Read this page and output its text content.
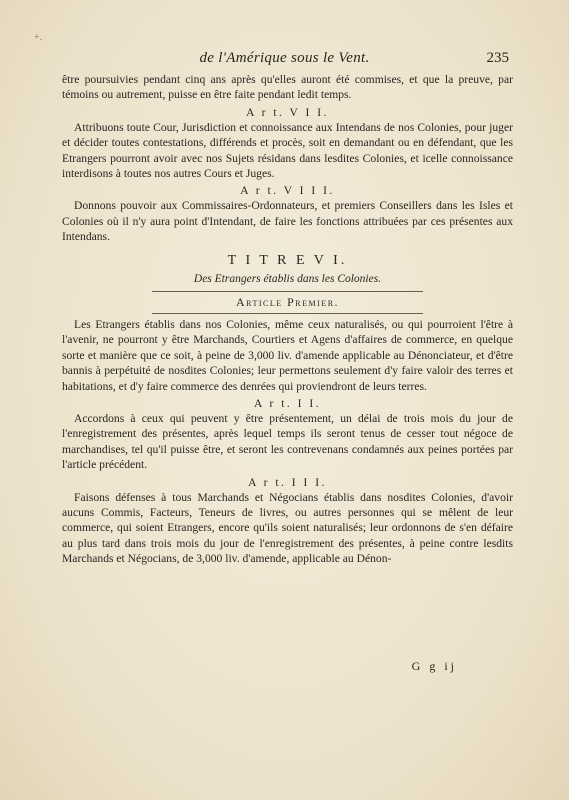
+.
de l'Amérique sous le Vent.	235

être poursuivies pendant cinq ans après qu'elles auront été commises, et que la preuve, par témoins ou autrement, puisse en être faite pendant ledit temps.

A r t. V I I.

Attribuons toute Cour, Jurisdiction et connoissance aux Intendans de nos Colonies, pour juger et décider toutes contestations, différends et procès, soit en demandant ou en défendant, que les Etrangers pourront avoir avec nos Sujets résidans dans lesdites Colonies, et icelle connoissance interdisons à toutes nos autres Cours et Juges.

A r t. V I I I.

Donnons pouvoir aux Commissaires-Ordonnateurs, et premiers Conseillers dans les Isles et Colonies où il n'y aura point d'Intendant, de faire les fonctions attribuées par ces présentes aux Intendans.

T I T R E V I.
Des Etrangers établis dans les Colonies.
Article Premier.

Les Etrangers établis dans nos Colonies, même ceux naturalisés, ou qui pourroient l'être à l'avenir, ne pourront y être Marchands, Courtiers et Agens d'affaires de commerce, en quelque sorte et manière que ce soit, à peine de 3,000 liv. d'amende applicable au Dénonciateur, et d'être bannis à perpétuité de nosdites Colonies; leur permettons seulement d'y faire valoir des terres et habitations, et d'y faire commerce des denrées qui proviendront de leurs terres.

A r t. I I.

Accordons à ceux qui peuvent y être présentement, un délai de trois mois du jour de l'enregistrement des présentes, après lequel temps ils seront tenus de cesser tout négoce de marchandises, tel qu'il puisse être, et seront les contrevenans condamnés aux peines portées par l'article précédent.

A r t. I I I.

Faisons défenses à tous Marchands et Négocians établis dans nosdites Colonies, d'avoir aucuns Commis, Facteurs, Teneurs de livres, ou autres personnes qui se mêlent de leur commerce, qui soient Etrangers, encore qu'ils soient naturalisés; leur ordonnons de s'en défaire au plus tard dans trois mois du jour de l'enregistrement des présentes, à peine contre lesdits Marchands et Négocians, de 3,000 liv. d'amende, applicable au Dénon-

G g ij
